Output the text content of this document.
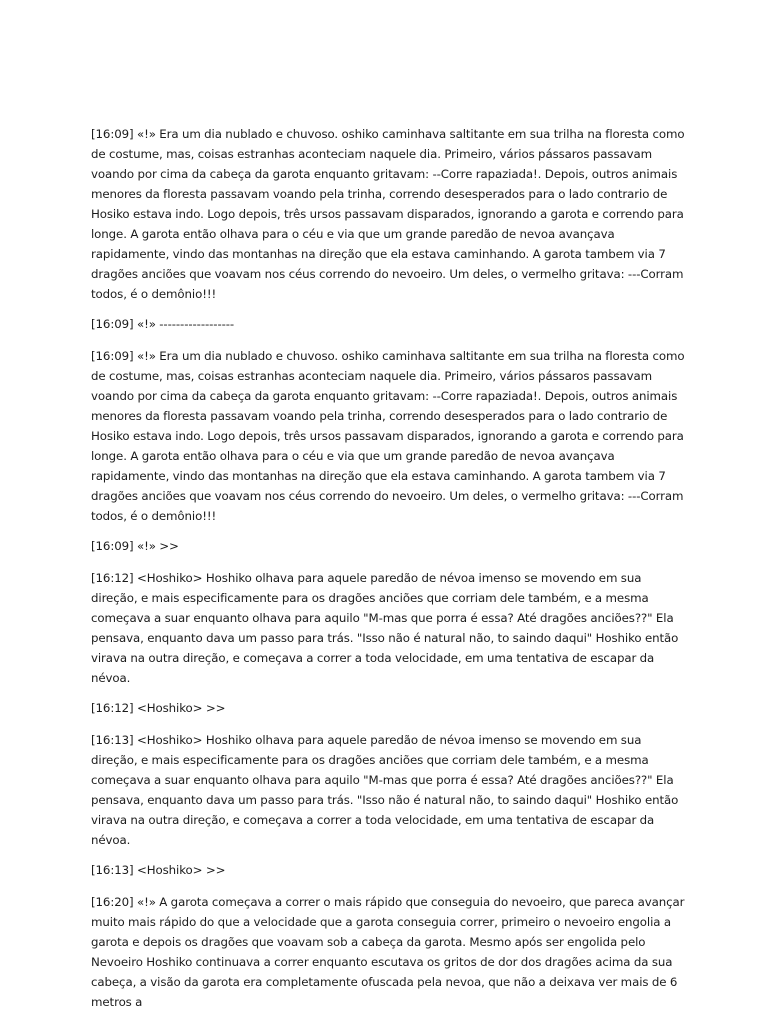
[16:09] «!» Era um dia nublado e chuvoso. oshiko caminhava saltitante em sua trilha na floresta como de costume, mas, coisas estranhas aconteciam naquele dia. Primeiro, vários pássaros passavam voando por cima da cabeça da garota enquanto gritavam: --Corre rapaziada!. Depois, outros animais menores da floresta passavam voando pela trinha, correndo desesperados para o lado contrario de Hosiko estava indo. Logo depois, três ursos passavam disparados, ignorando a garota e correndo para longe. A garota então olhava para o céu e via que um grande paredão de nevoa avançava rapidamente, vindo das montanhas na direção que ela estava caminhando. A garota tambem via 7 dragões anciões que voavam nos céus correndo do nevoeiro. Um deles, o vermelho gritava: ---Corram todos, é o demônio!!!

[16:09] «!» ------------------

[16:09] «!» Era um dia nublado e chuvoso. oshiko caminhava saltitante em sua trilha na floresta como de costume, mas, coisas estranhas aconteciam naquele dia. Primeiro, vários pássaros passavam voando por cima da cabeça da garota enquanto gritavam: --Corre rapaziada!. Depois, outros animais menores da floresta passavam voando pela trinha, correndo desesperados para o lado contrario de Hosiko estava indo. Logo depois, três ursos passavam disparados, ignorando a garota e correndo para longe. A garota então olhava para o céu e via que um grande paredão de nevoa avançava rapidamente, vindo das montanhas na direção que ela estava caminhando. A garota tambem via 7 dragões anciões que voavam nos céus correndo do nevoeiro. Um deles, o vermelho gritava: ---Corram todos, é o demônio!!!

[16:09] «!» >>

[16:12] <Hoshiko> Hoshiko olhava para aquele paredão de névoa imenso se movendo em sua direção, e mais especificamente para os dragões anciões que corriam dele também, e a mesma começava a suar enquanto olhava para aquilo "M-mas que porra é essa? Até dragões anciões??" Ela pensava, enquanto dava um passo para trás. "Isso não é natural não, to saindo daqui" Hoshiko então virava na outra direção, e começava a correr a toda velocidade, em uma tentativa de escapar da névoa.

[16:12] <Hoshiko> >>

[16:13] <Hoshiko> Hoshiko olhava para aquele paredão de névoa imenso se movendo em sua direção, e mais especificamente para os dragões anciões que corriam dele também, e a mesma começava a suar enquanto olhava para aquilo "M-mas que porra é essa? Até dragões anciões??" Ela pensava, enquanto dava um passo para trás. "Isso não é natural não, to saindo daqui" Hoshiko então virava na outra direção, e começava a correr a toda velocidade, em uma tentativa de escapar da névoa.

[16:13] <Hoshiko> >>

[16:20] «!» A garota começava a correr o mais rápido que conseguia do nevoeiro, que pareca avançar muito mais rápido do que a velocidade que a garota conseguia correr, primeiro o nevoeiro engolia a garota e depois os dragões que voavam sob a cabeça da garota. Mesmo após ser engolida pelo Nevoeiro Hoshiko continuava a correr enquanto escutava os gritos de dor dos dragões acima da sua cabeça, a visão da garota era completamente ofuscada pela nevoa, que não a deixava ver mais de 6 metros a
